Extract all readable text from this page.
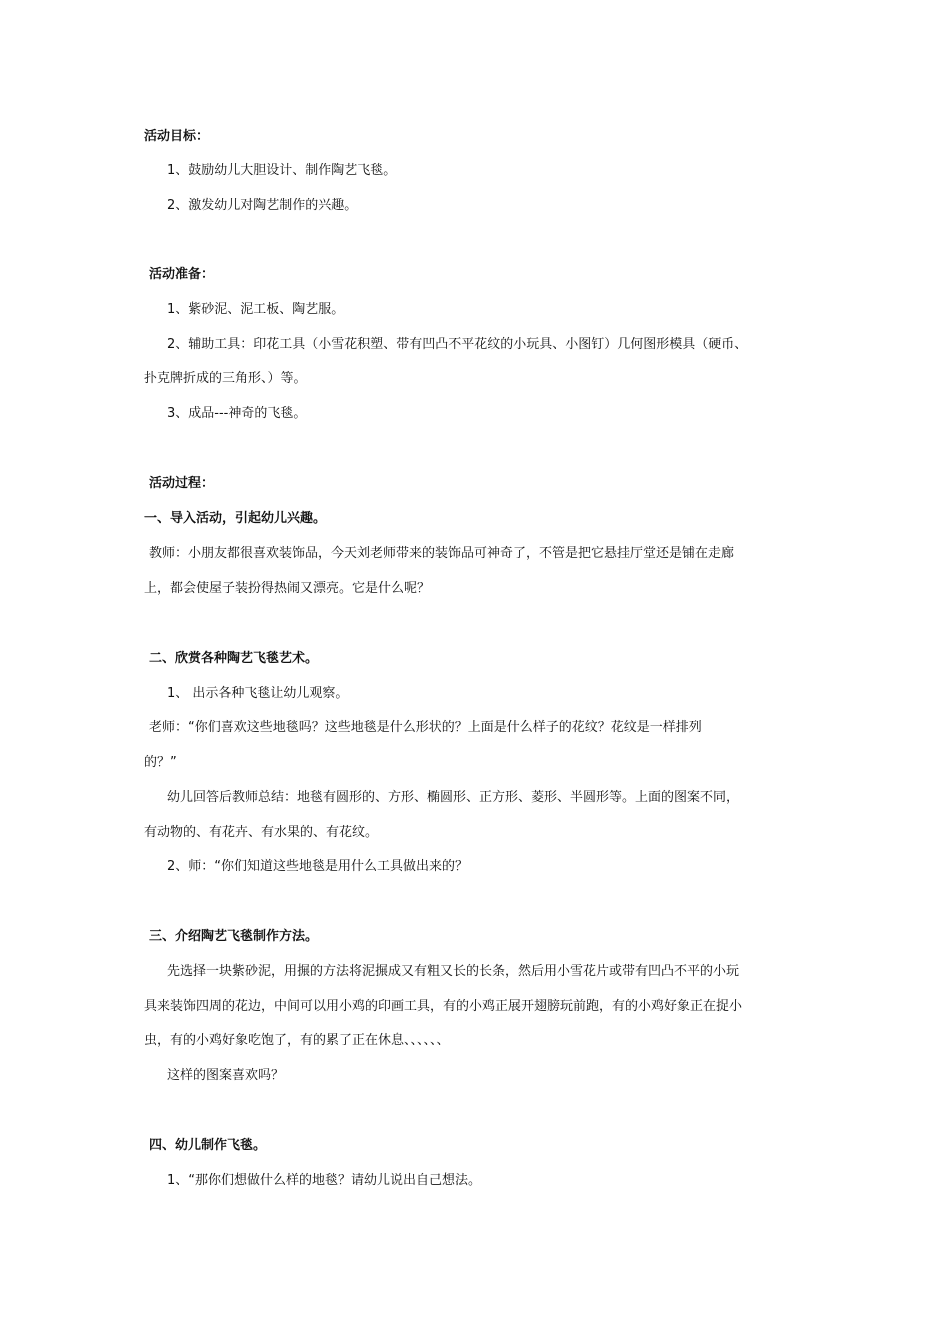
活动目标：
1、鼓励幼儿大胆设计、制作陶艺飞毯。
2、激发幼儿对陶艺制作的兴趣。
活动准备：
1、紫砂泥、泥工板、陶艺服。
2、辅助工具：印花工具（小雪花积塑、带有凹凸不平花纹的小玩具、小图钉）几何图形模具（硬币、
扑克牌折成的三角形、）等。
3、成品---神奇的飞毯。
活动过程：
一、导入活动，引起幼儿兴趣。
教师：小朋友都很喜欢装饰品，今天刘老师带来的装饰品可神奇了，不管是把它悬挂厅堂还是铺在走廊
上，都会使屋子装扮得热闹又漂亮。它是什么呢？
二、欣赏各种陶艺飞毯艺术。
1、 出示各种飞毯让幼儿观察。
老师：“你们喜欢这些地毯吗？这些地毯是什么形状的？上面是什么样子的花纹？花纹是一样排列
的？”
幼儿回答后教师总结：地毯有圆形的、方形、椭圆形、正方形、菱形、半圆形等。上面的图案不同，
有动物的、有花卉、有水果的、有花纹。
2、师：“你们知道这些地毯是用什么工具做出来的？
三、介绍陶艺飞毯制作方法。
先选择一块紫砂泥，用搌的方法将泥搌成又有粗又长的长条，然后用小雪花片或带有凹凸不平的小玩
具来装饰四周的花边，中间可以用小鸡的印画工具，有的小鸡正展开翅膀玩前跑，有的小鸡好象正在捉小
虫，有的小鸡好象吃饱了，有的累了正在休息、、、、、、
这样的图案喜欢吗？
四、幼儿制作飞毯。
1、“那你们想做什么样的地毯？请幼儿说出自己想法。
